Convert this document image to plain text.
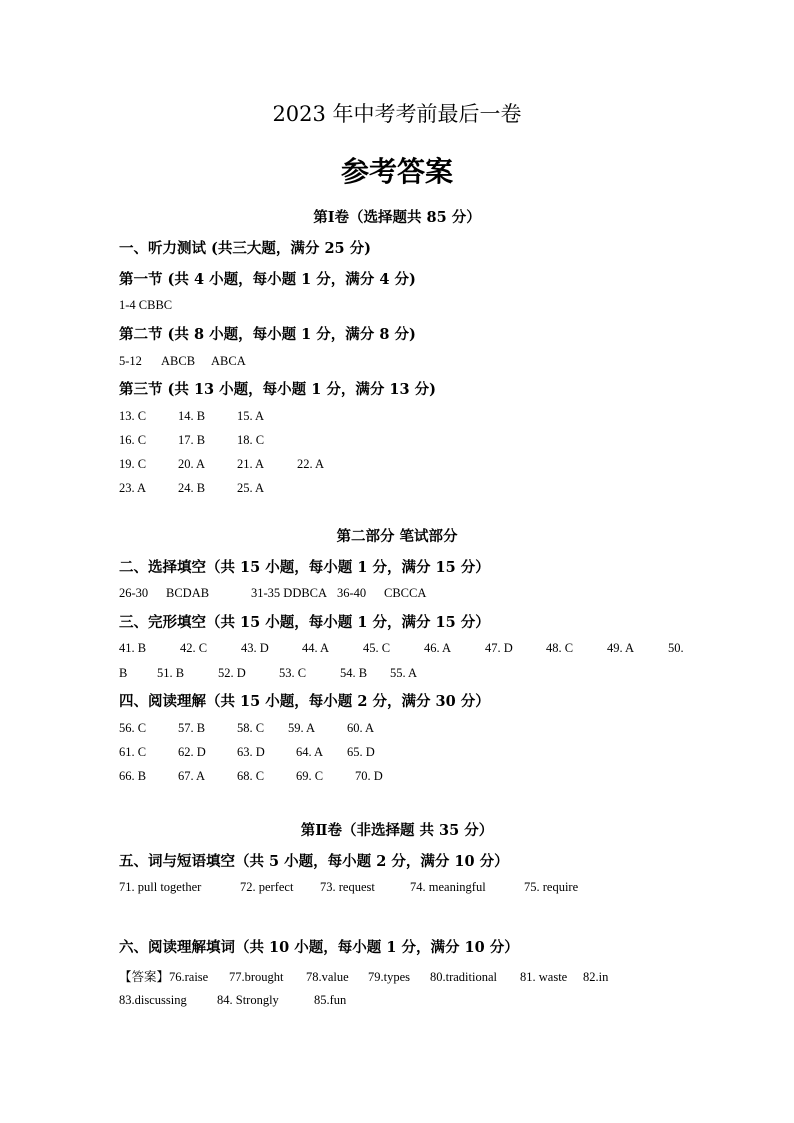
2023 年中考考前最后一卷
参考答案
第Ⅰ卷（选择题共 85 分）
一、听力测试 (共三大题，满分 25 分)
第一节 (共 4 小题，每小题 1 分，满分 4 分)
1-4 CBBC
第二节 (共 8 小题，每小题 1 分，满分 8 分)
5-12 ABCB ABCA
第三节 (共 13 小题，每小题 1 分，满分 13 分)
13. C	14. B	15. A
16. C	17. B	18. C
19. C	20. A	21. A	22. A
23. A	24. B	25. A
第二部分 笔试部分
二、选择填空（共 15 小题，每小题 1 分，满分 15 分）
26-30 BCDAB	31-35 DDBCA 36-40 CBCCA
三、完形填空（共 15 小题，每小题 1 分，满分 15 分）
41. B	42. C	43. D	44. A	45. C	46. A	47. D	48. C	49. A	50.
B 51. B	52. D	53. C	54. B 55. A
四、阅读理解（共 15 小题，每小题 2 分，满分 30 分）
56. C	57. B	58. C 59. A	60. A
61. C	62. D 63. D 64. A 65. D
66. B	67. A	68. C	69. C	70. D
第Ⅱ卷（非选择题 共 35 分）
五、词与短语填空（共 5 小题，每小题 2 分，满分 10 分）
71. pull together	72. perfect 73. request	74. meaningful	75. require
六、阅读理解填词（共 10 小题，每小题 1 分，满分 10 分）
【答案】76.raise 77.brought 78.value 79.types 80.traditional 81. waste 82.in
83.discussing 84. Strongly	85.fun
